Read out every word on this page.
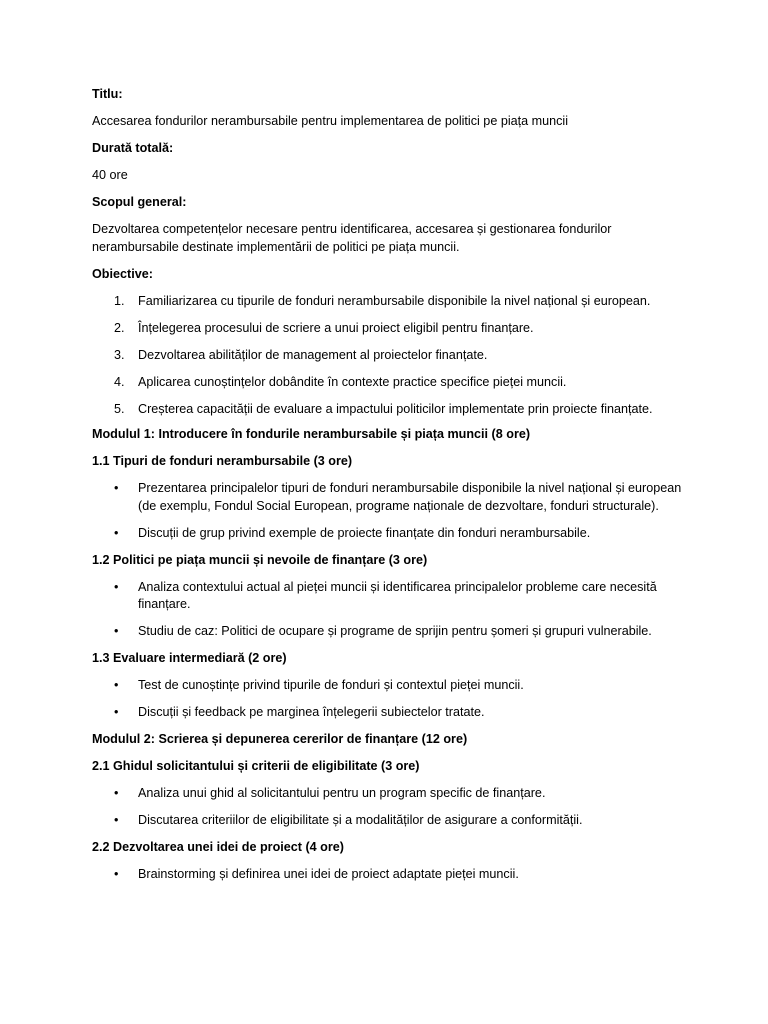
Titlu:

Accesarea fondurilor nerambursabile pentru implementarea de politici pe piața muncii

Durată totală:

40 ore

Scopul general:

Dezvoltarea competențelor necesare pentru identificarea, accesarea și gestionarea fondurilor nerambursabile destinate implementării de politici pe piața muncii.

Obiective:

1. Familiarizarea cu tipurile de fonduri nerambursabile disponibile la nivel național și european.
2. Înțelegerea procesului de scriere a unui proiect eligibil pentru finanțare.
3. Dezvoltarea abilităților de management al proiectelor finanțate.
4. Aplicarea cunoștințelor dobândite în contexte practice specifice pieței muncii.
5. Creșterea capacității de evaluare a impactului politicilor implementate prin proiecte finanțate.

Modulul 1: Introducere în fondurile nerambursabile și piața muncii (8 ore)

1.1 Tipuri de fonduri nerambursabile (3 ore)

•	Prezentarea principalelor tipuri de fonduri nerambursabile disponibile la nivel național și european (de exemplu, Fondul Social European, programe naționale de dezvoltare, fonduri structurale).
•	Discuții de grup privind exemple de proiecte finanțate din fonduri nerambursabile.

1.2 Politici pe piața muncii și nevoile de finanțare (3 ore)

•	Analiza contextului actual al pieței muncii și identificarea principalelor probleme care necesită finanțare.
•	Studiu de caz: Politici de ocupare și programe de sprijin pentru șomeri și grupuri vulnerabile.

1.3 Evaluare intermediară (2 ore)

•	Test de cunoștințe privind tipurile de fonduri și contextul pieței muncii.
•	Discuții și feedback pe marginea înțelegerii subiectelor tratate.

Modulul 2: Scrierea și depunerea cererilor de finanțare (12 ore)

2.1 Ghidul solicitantului și criterii de eligibilitate (3 ore)

•	Analiza unui ghid al solicitantului pentru un program specific de finanțare.
•	Discutarea criteriilor de eligibilitate și a modalităților de asigurare a conformității.

2.2 Dezvoltarea unei idei de proiect (4 ore)

•	Brainstorming și definirea unei idei de proiect adaptate pieței muncii.
